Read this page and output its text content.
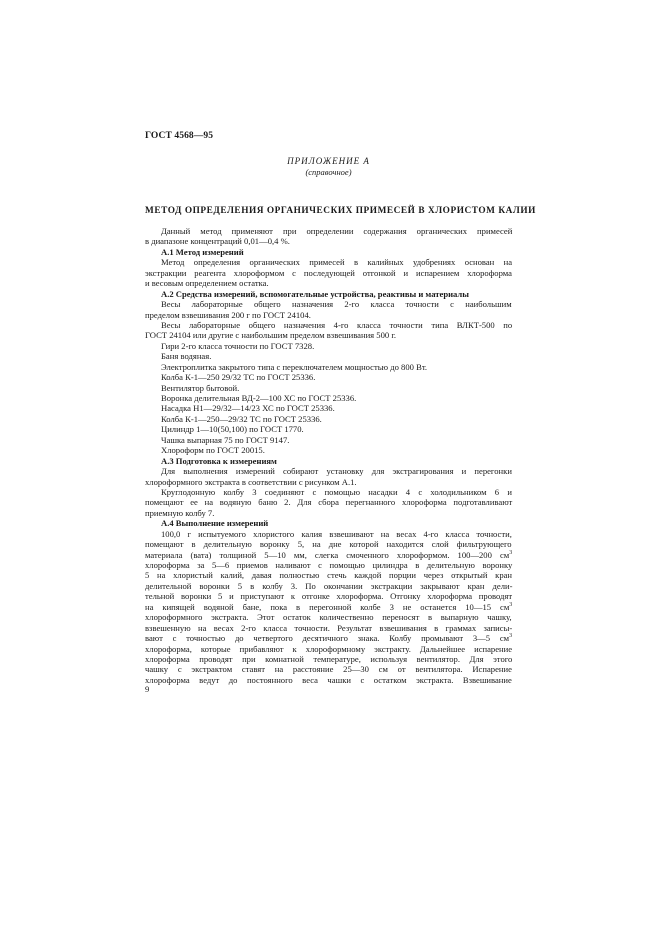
ГОСТ 4568—95
ПРИЛОЖЕНИЕ А
(справочное)
МЕТОД ОПРЕДЕЛЕНИЯ ОРГАНИЧЕСКИХ ПРИМЕСЕЙ В ХЛОРИСТОМ КАЛИИ
Данный метод применяют при определении содержания органических примесей
в диапазоне концентраций 0,01—0,4 %.
А.1 Метод измерений
Метод определения органических примесей в калийных удобрениях основан на
экстракции реагента хлороформом с последующей отгонкой и испарением хлороформа
и весовым определением остатка.
А.2 Средства измерений, вспомогательные устройства, реактивы и материалы
Весы лабораторные общего назначения 2-го класса точности с наибольшим
пределом взвешивания 200 г по ГОСТ 24104.
Весы лабораторные общего назначения 4-го класса точности типа ВЛКТ-500 по
ГОСТ 24104 или другие с наибольшим пределом взвешивания 500 г.
Гири 2-го класса точности по ГОСТ 7328.
Баня водяная.
Электроплитка закрытого типа с переключателем мощностью до 800 Вт.
Колба К-1—250 29/32 ТС по ГОСТ 25336.
Вентилятор бытовой.
Воронка делительная ВД-2—100 ХС по ГОСТ 25336.
Насадка Н1—29/32—14/23 ХС по ГОСТ 25336.
Колба К-1—250—29/32 ТС по ГОСТ 25336.
Цилиндр 1—10(50,100) по ГОСТ 1770.
Чашка выпарная 75 по ГОСТ 9147.
Хлороформ по ГОСТ 20015.
А.3 Подготовка к измерениям
Для выполнения измерений собирают установку для экстрагирования и перегонки
хлороформного экстракта в соответствии с рисунком А.1.
Круглодонную колбу 3 соединяют с помощью насадки 4 с холодильником 6 и
помещают ее на водяную баню 2. Для сбора перегнанного хлороформа подготавливают
приемную колбу 7.
А.4 Выполнение измерений
100,0 г испытуемого хлористого калия взвешивают на весах 4-го класса точности,
помещают в делительную воронку 5, на дне которой находится слой фильтрующего
материала (вата) толщиной 5—10 мм, слегка смоченного хлороформом. 100—200 $см^3$
хлороформа за 5—6 приемов наливают с помощью цилиндра в делительную воронку
5 на хлористый калий, давая полностью стечь каждой порции через открытый кран
делительной воронки 5 в колбу 3. По окончании экстракции закрывают кран дели-
тельной воронки 5 и приступают к отгонке хлороформа. Отгонку хлороформа проводят
на кипящей водяной бане, пока в перегонной колбе 3 не останется 10—15 $см^3$
хлороформного экстракта. Этот остаток количественно переносят в выпарную чашку,
взвешенную на весах 2-го класса точности. Результат взвешивания в граммах записы-
вают с точностью до четвертого десятичного знака. Колбу промывают 3—5 $см^3$
хлороформа, которые прибавляют к хлороформному экстракту. Дальнейшее испарение
хлороформа проводят при комнатной температуре, используя вентилятор. Для этого
чашку с экстрактом ставят на расстояние 25—30 см от вентилятора. Испарение
хлороформа ведут до постоянного веса чашки с остатком экстракта. Взвешивание
9
